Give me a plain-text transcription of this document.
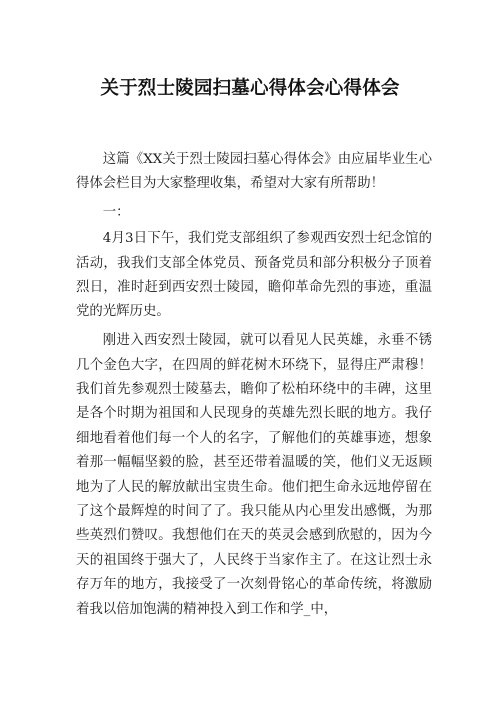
关于烈士陵园扫墓心得体会心得体会

这篇《XX关于烈士陵园扫墓心得体会》由应届毕业生心得体会栏目为大家整理收集，希望对大家有所帮助！

一：

4月3日下午，我们党支部组织了参观西安烈士纪念馆的活动，我我们支部全体党员、预备党员和部分积极分子顶着烈日，准时赶到西安烈士陵园，瞻仰革命先烈的事迹，重温党的光辉历史。

刚进入西安烈士陵园，就可以看见人民英雄，永垂不锈几个金色大字，在四周的鲜花树木环绕下，显得庄严肃穆！我们首先参观烈士陵墓去，瞻仰了松柏环绕中的丰碑，这里是各个时期为祖国和人民现身的英雄先烈长眠的地方。我仔细地看着他们每一个人的名字，了解他们的英雄事迹，想象着那一幅幅坚毅的脸，甚至还带着温暖的笑，他们义无返顾地为了人民的解放献出宝贵生命。他们把生命永远地停留在了这个最辉煌的时间了了。我只能从内心里发出感慨，为那些英烈们赞叹。我想他们在天的英灵会感到欣慰的，因为今天的祖国终于强大了，人民终于当家作主了。在这让烈士永存万年的地方，我接受了一次刻骨铭心的革命传统，将激励着我以倍加饱满的精神投入到工作和学_中，
